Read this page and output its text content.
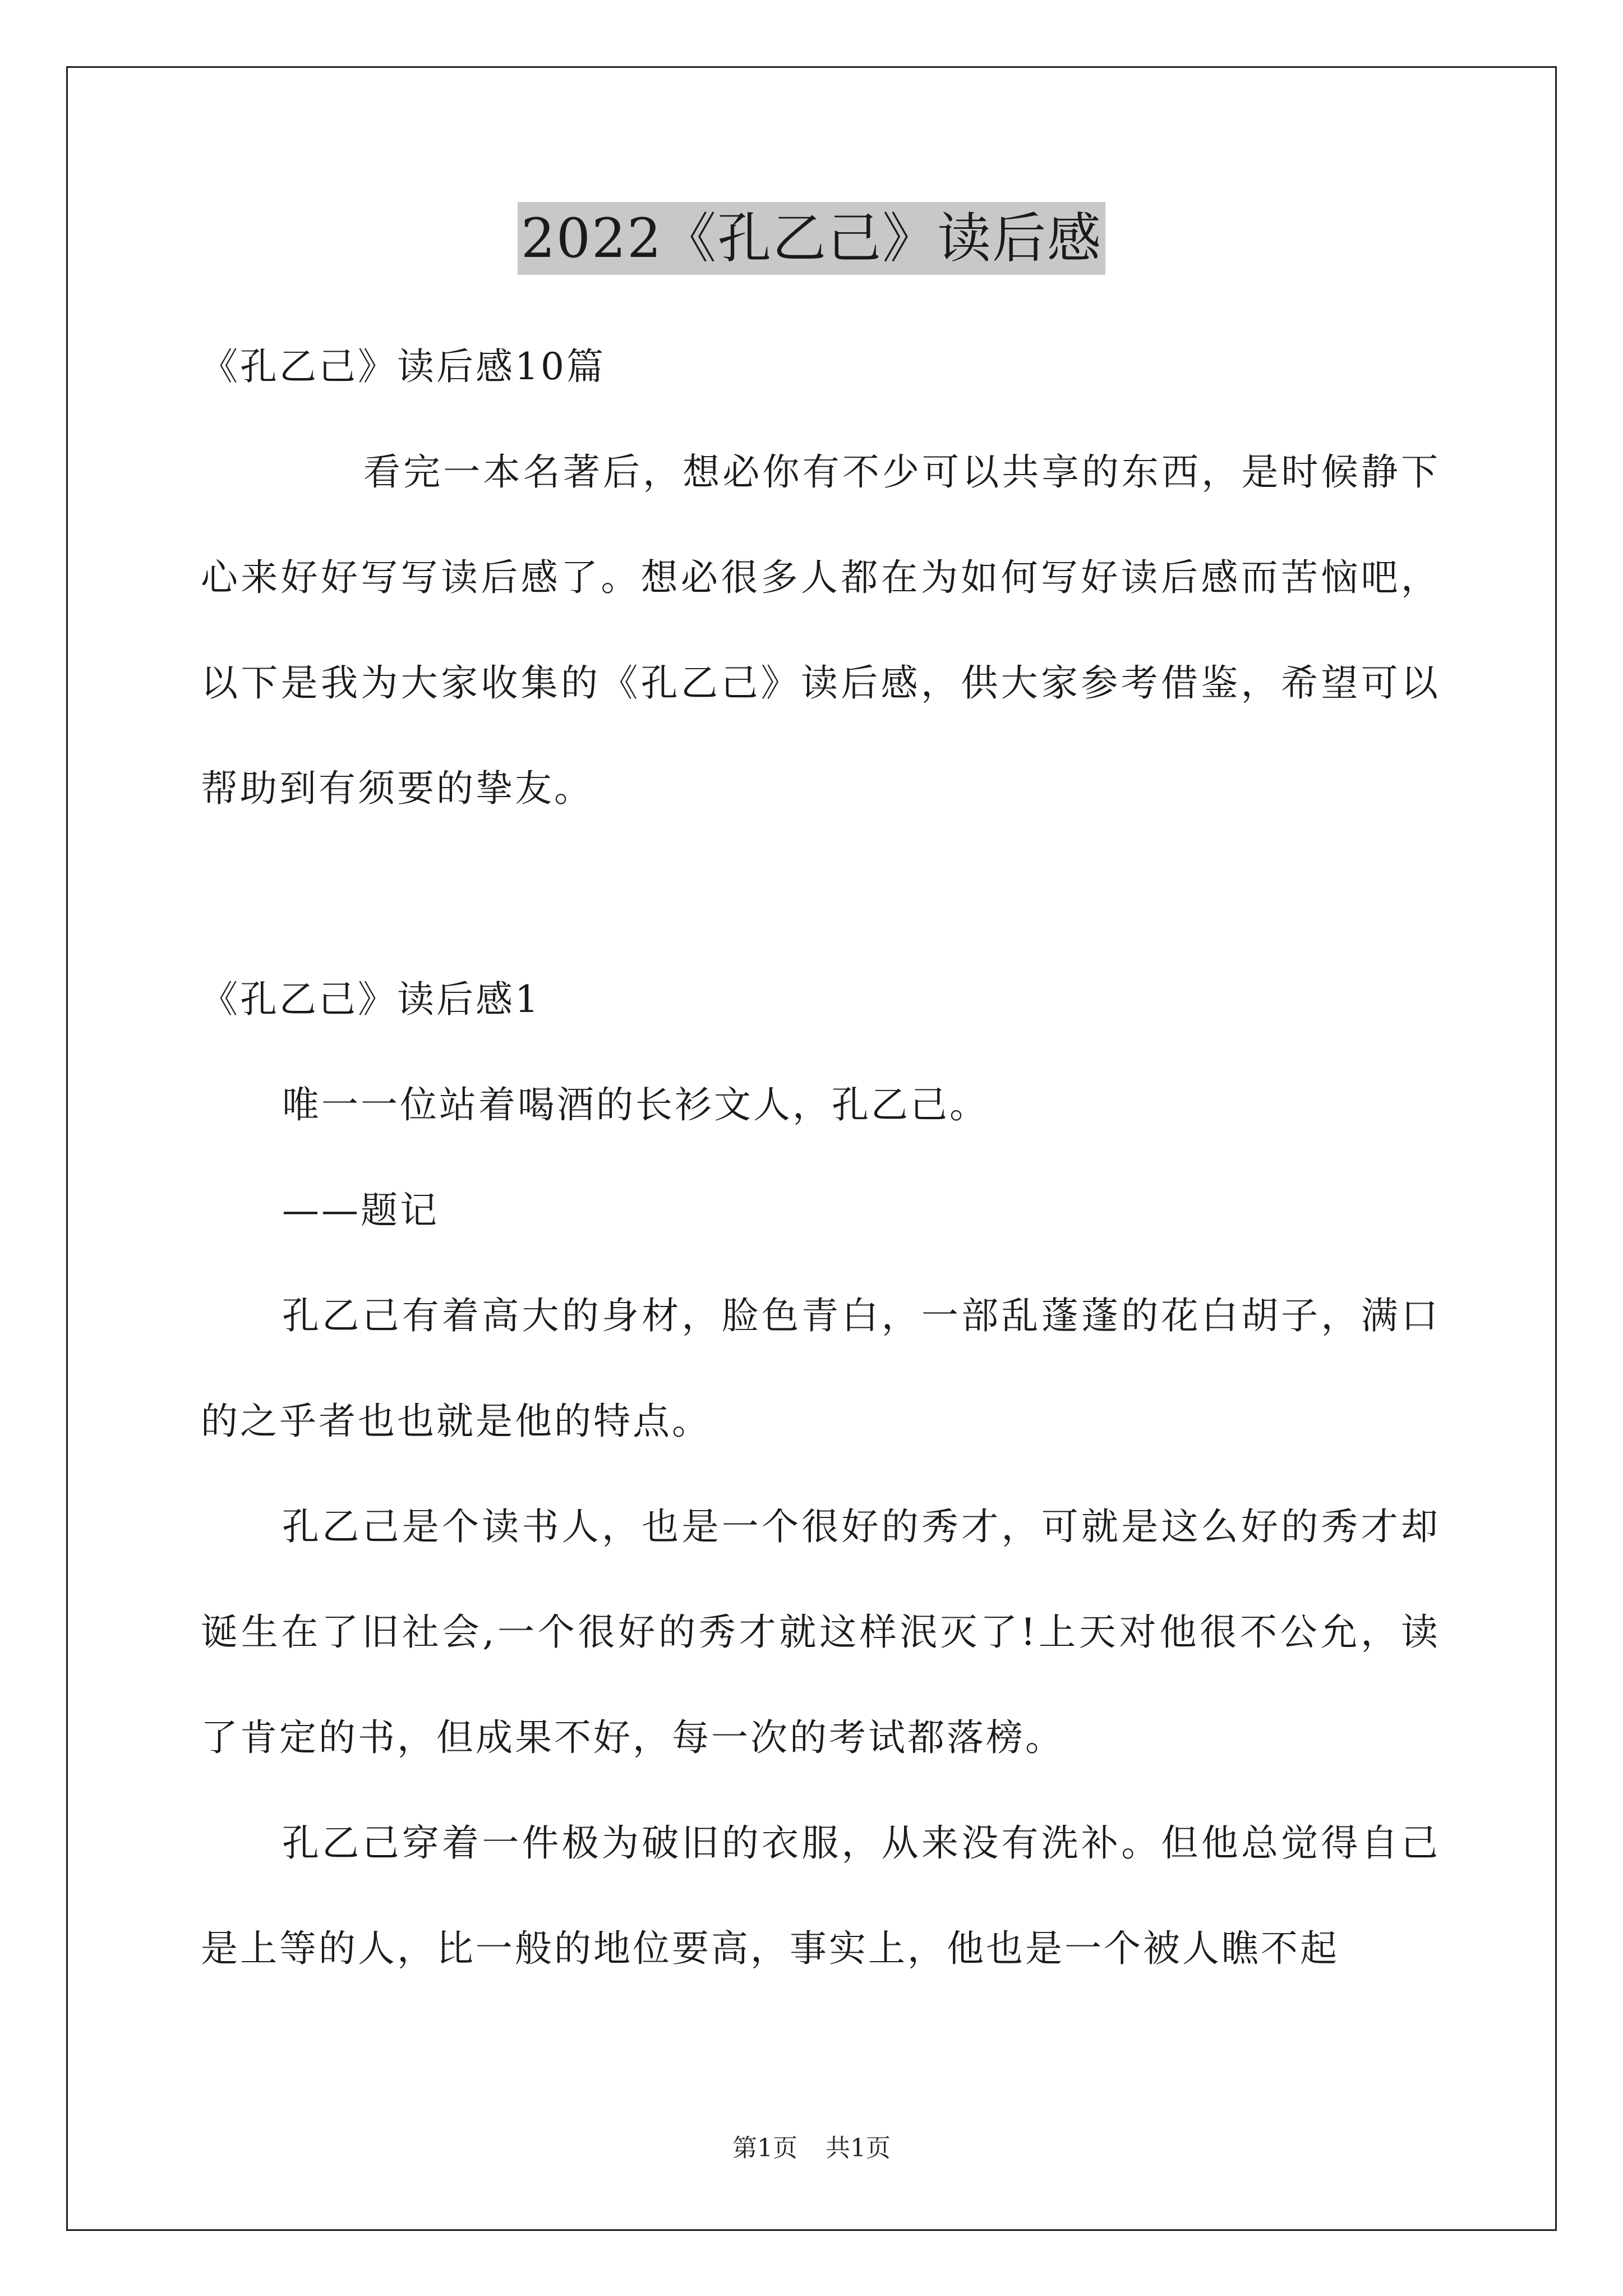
2022《孔乙己》读后感

《孔乙己》读后感10篇

看完一本名著后，想必你有不少可以共享的东西，是时候静下心来好好写写读后感了。想必很多人都在为如何写好读后感而苦恼吧，以下是我为大家收集的《孔乙己》读后感，供大家参考借鉴，希望可以帮助到有须要的挚友。

《孔乙己》读后感1

唯一一位站着喝酒的长衫文人，孔乙己。

——题记

孔乙己有着高大的身材，脸色青白，一部乱蓬蓬的花白胡子，满口的之乎者也也就是他的特点。

孔乙己是个读书人，也是一个很好的秀才，可就是这么好的秀才却诞生在了旧社会,一个很好的秀才就这样泯灭了!上天对他很不公允，读了肯定的书，但成果不好，每一次的考试都落榜。

孔乙己穿着一件极为破旧的衣服，从来没有洗补。但他总觉得自己是上等的人，比一般的地位要高，事实上，他也是一个被人瞧不起

第1页 共1页
